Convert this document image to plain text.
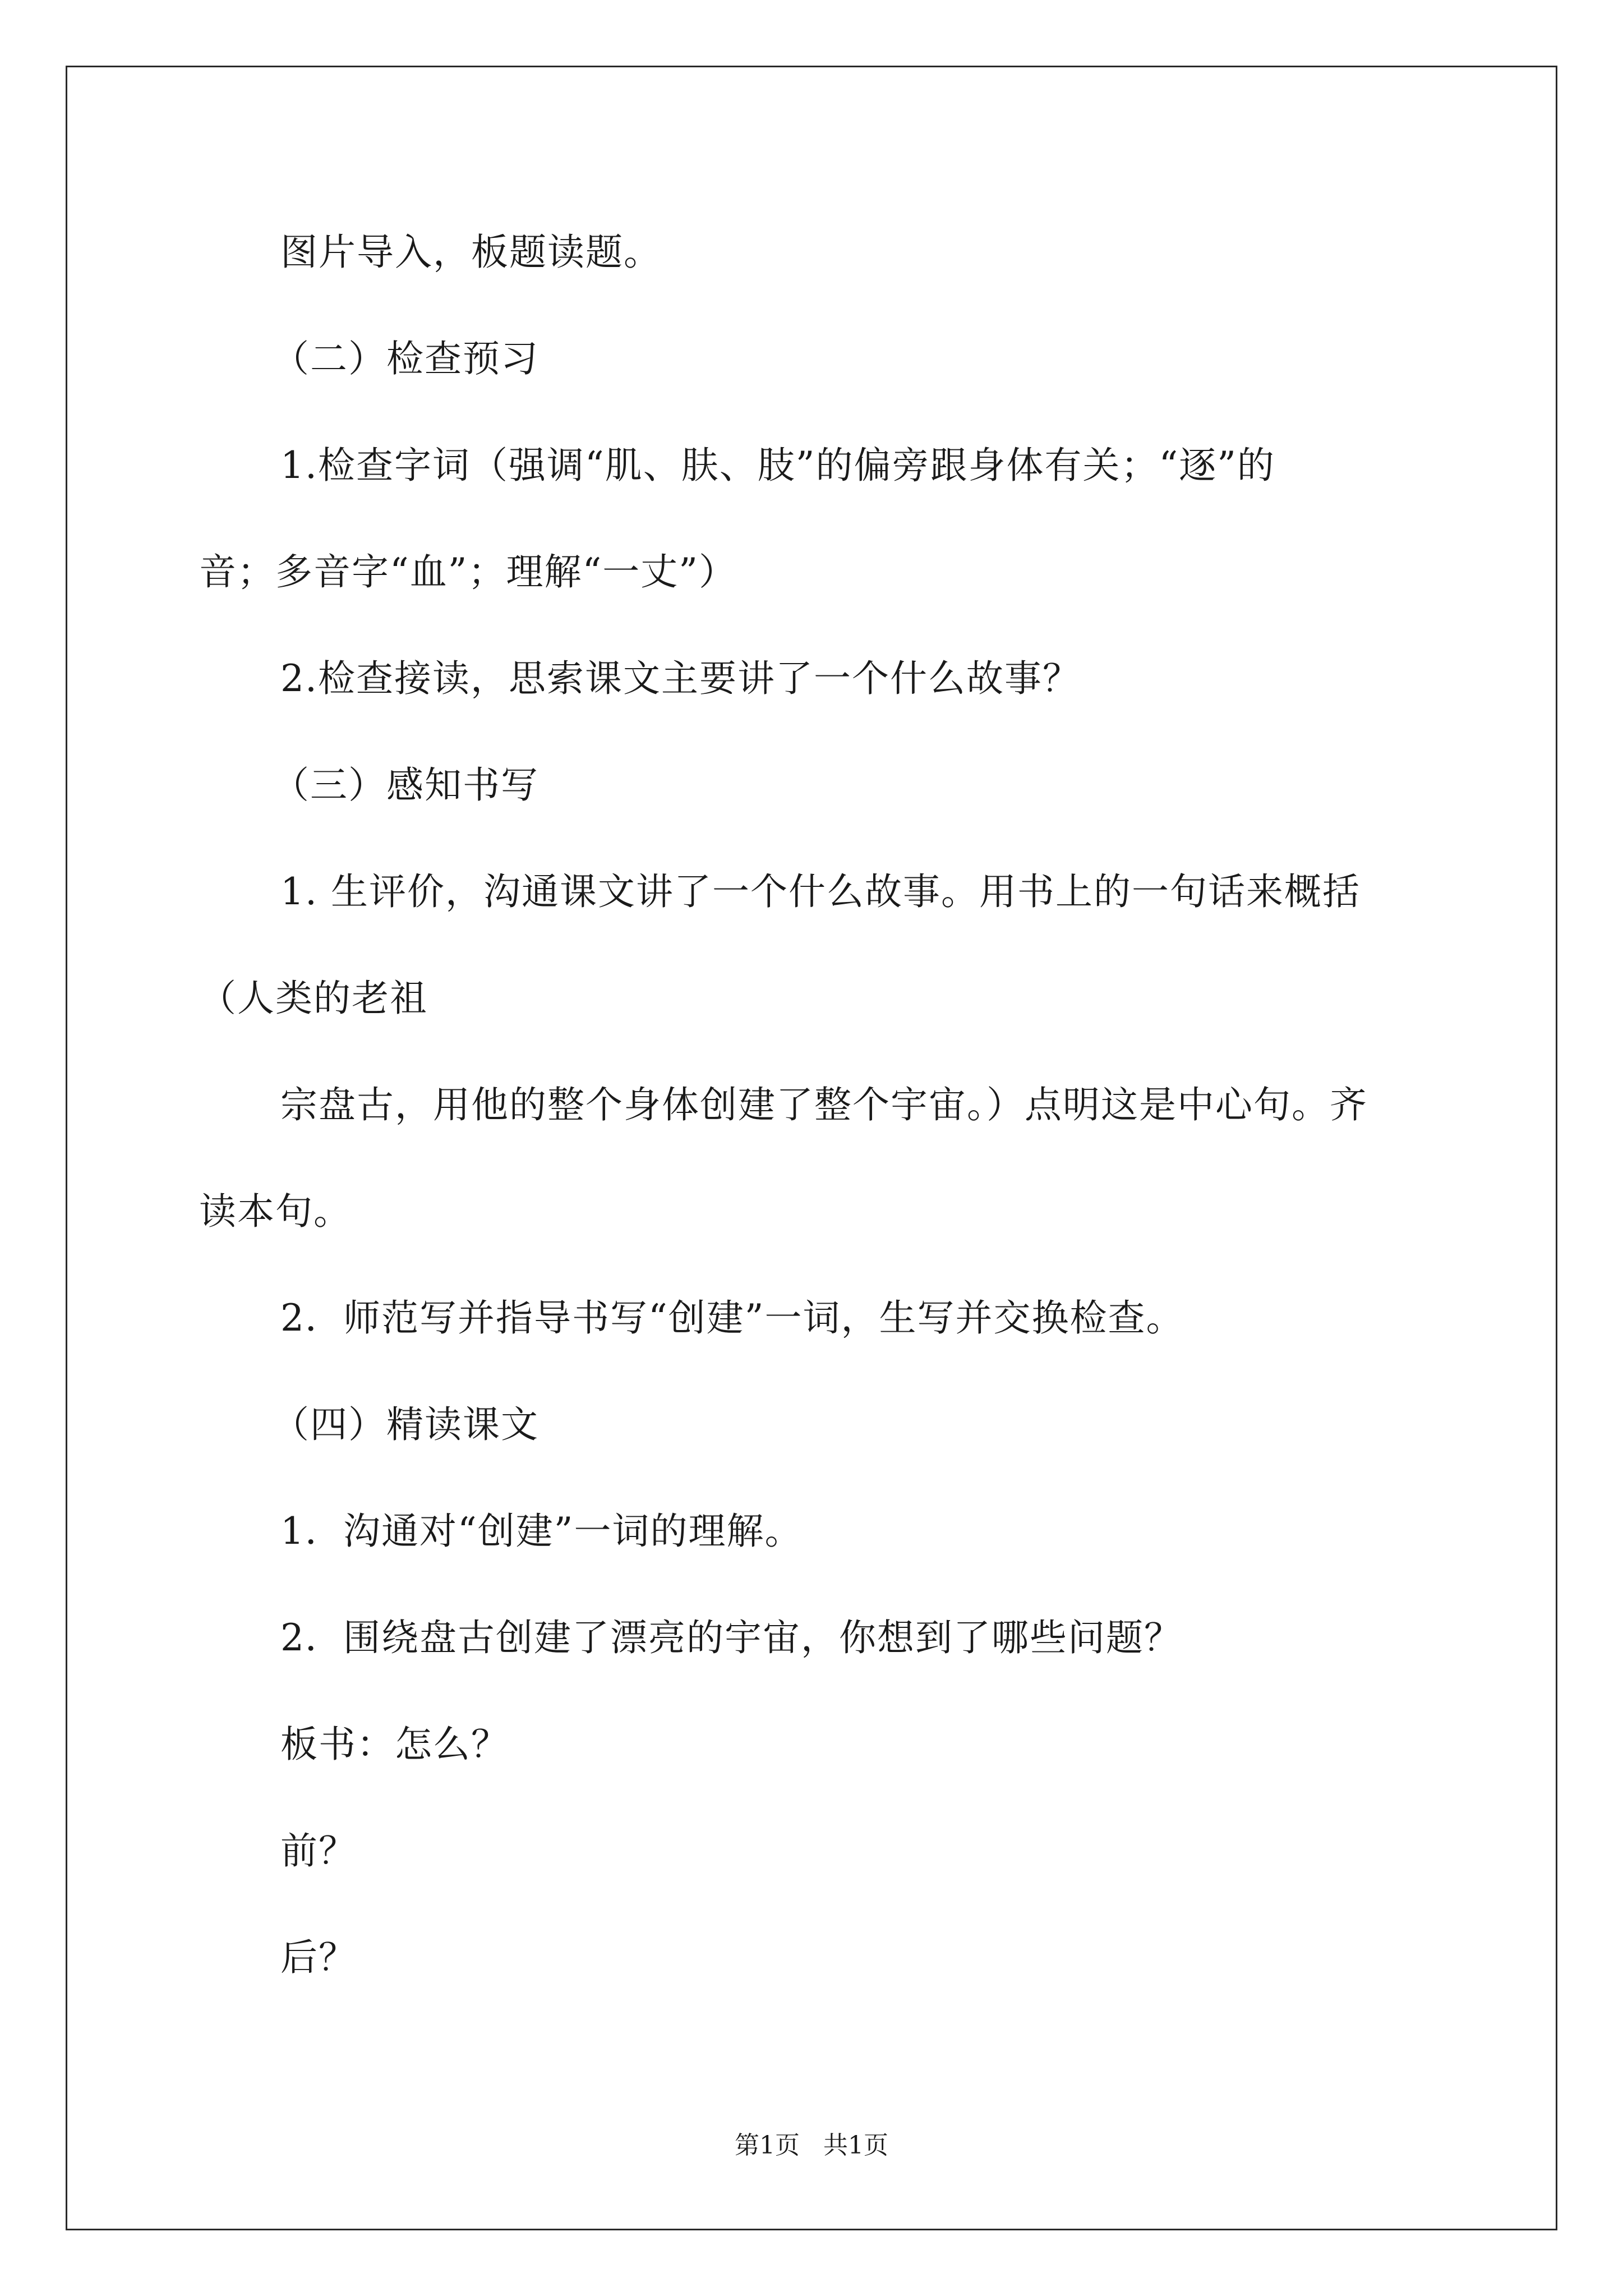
图片导入，板题读题。
（二）检查预习
1.检查字词（强调“肌、肤、肢”的偏旁跟身体有关；“逐”的
音；多音字“血”；理解“一丈”）
2.检查接读，思索课文主要讲了一个什么故事？
（三）感知书写
1. 生评价，沟通课文讲了一个什么故事。用书上的一句话来概括
（人类的老祖
宗盘古，用他的整个身体创建了整个宇宙。）点明这是中心句。齐
读本句。
2．师范写并指导书写“创建”一词，生写并交换检查。
（四）精读课文
1．沟通对“创建”一词的理解。
2．围绕盘古创建了漂亮的宇宙，你想到了哪些问题？
板书：怎么？
前？
后？
第1页   共1页
